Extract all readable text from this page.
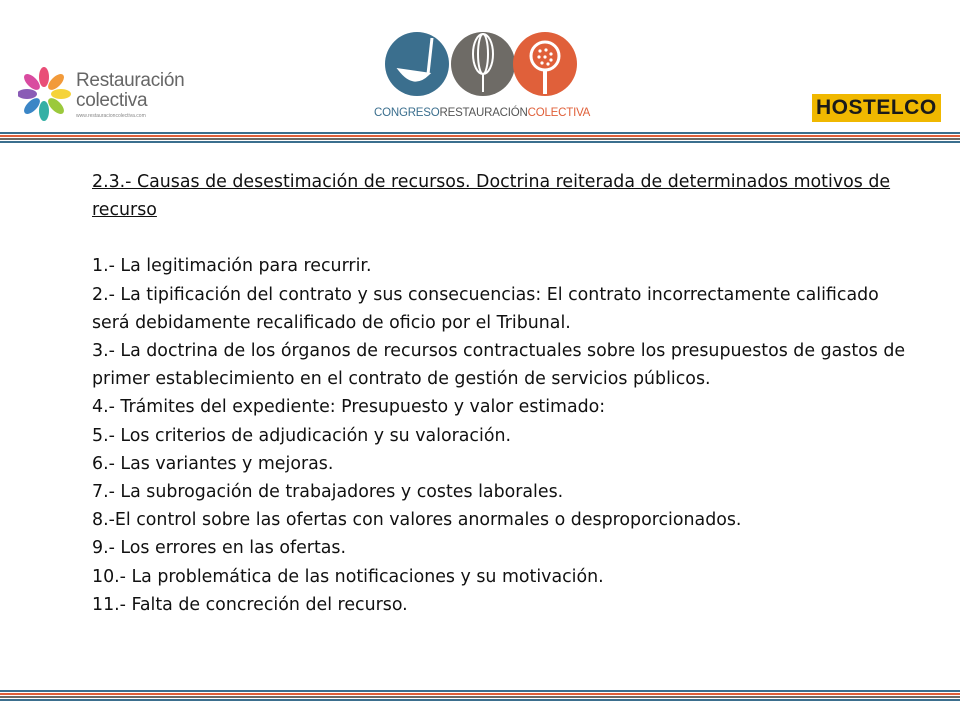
Restauración
colectiva
www.restauracioncolectiva.com	CONGRESORESTAURACIÓNCOLECTIVA	HOSTELCO

2.3.- Causas de desestimación de recursos. Doctrina reiterada de determinados motivos de recurso

1.- La legitimación para recurrir.

2.- La tipificación del contrato y sus consecuencias: El contrato incorrectamente calificado será debidamente recalificado de oficio por el Tribunal.

3.- La doctrina de los órganos de recursos contractuales sobre los presupuestos de gastos de primer establecimiento en el contrato de gestión de servicios públicos.

4.- Trámites del expediente: Presupuesto y valor estimado:

5.- Los criterios de adjudicación y su valoración.

6.- Las variantes y mejoras.

7.- La subrogación de trabajadores y costes laborales.

8.-El control sobre las ofertas con valores anormales o desproporcionados.

9.- Los errores en las ofertas.

10.- La problemática de las notificaciones y su motivación.

11.- Falta de concreción del recurso.
